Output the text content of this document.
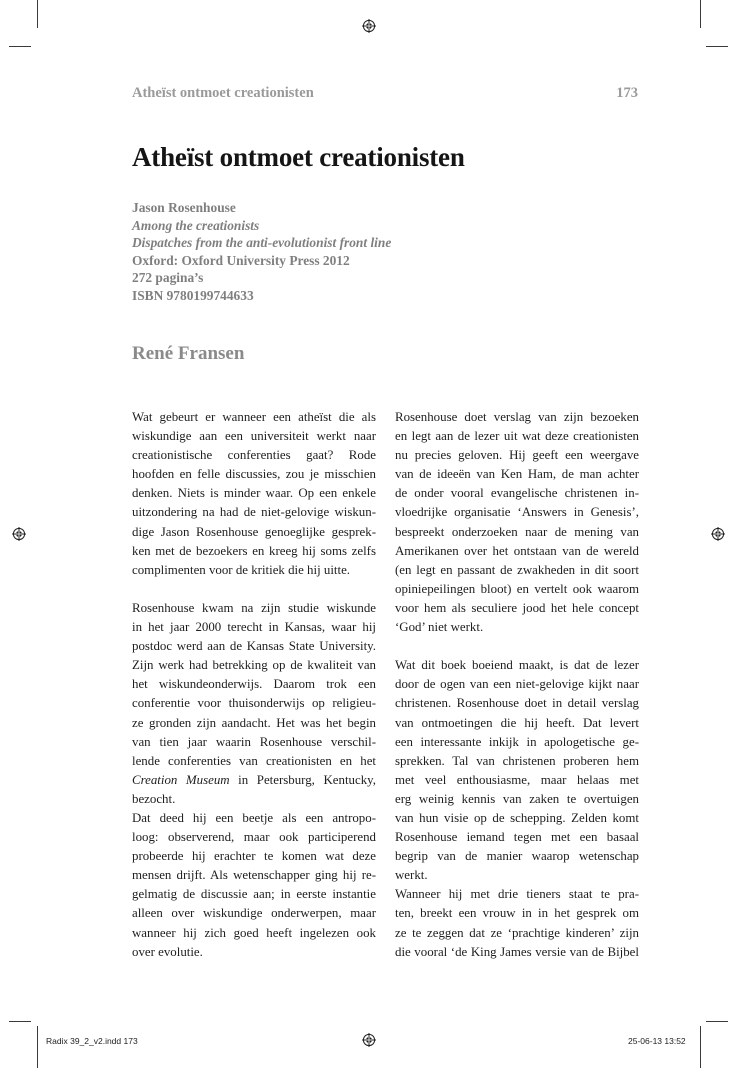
Atheïst ontmoet creationisten	173
Atheïst ontmoet creationisten
Jason Rosenhouse
Among the creationists
Dispatches from the anti-evolutionist front line
Oxford: Oxford University Press 2012
272 pagina’s
ISBN 9780199744633
René Fransen
Wat gebeurt er wanneer een atheïst die als
wiskundige aan een universiteit werkt naar
creationistische conferenties gaat? Rode
hoofden en felle discussies, zou je misschien
denken. Niets is minder waar. Op een enkele
uitzondering na had de niet-gelovige wiskun-
dige Jason Rosenhouse genoeglijke gesprek-
ken met de bezoekers en kreeg hij soms zelfs
complimenten voor de kritiek die hij uitte.
Rosenhouse kwam na zijn studie wiskunde
in het jaar 2000 terecht in Kansas, waar hij
postdoc werd aan de Kansas State University.
Zijn werk had betrekking op de kwaliteit van
het wiskundeonderwijs. Daarom trok een
conferentie voor thuisonderwijs op religieu-
ze gronden zijn aandacht. Het was het begin
van tien jaar waarin Rosenhouse verschil-
lende conferenties van creationisten en het
Creation Museum in Petersburg, Kentucky,
bezocht.
Dat deed hij een beetje als een antropo-
loog: observerend, maar ook participerend
probeerde hij erachter te komen wat deze
mensen drijft. Als wetenschapper ging hij re-
gelmatig de discussie aan; in eerste instantie
alleen over wiskundige onderwerpen, maar
wanneer hij zich goed heeft ingelezen ook
over evolutie.
Rosenhouse doet verslag van zijn bezoeken
en legt aan de lezer uit wat deze creationisten
nu precies geloven. Hij geeft een weergave
van de ideeën van Ken Ham, de man achter
de onder vooral evangelische christenen in-
vloedrijke organisatie ‘Answers in Genesis’,
bespreekt onderzoeken naar de mening van
Amerikanen over het ontstaan van de wereld
(en legt en passant de zwakheden in dit soort
opiniepeilingen bloot) en vertelt ook waarom
voor hem als seculiere jood het hele concept
‘God’ niet werkt.
Wat dit boek boeiend maakt, is dat de lezer
door de ogen van een niet-gelovige kijkt naar
christenen. Rosenhouse doet in detail verslag
van ontmoetingen die hij heeft. Dat levert
een interessante inkijk in apologetische ge-
sprekken. Tal van christenen proberen hem
met veel enthousiasme, maar helaas met
erg weinig kennis van zaken te overtuigen
van hun visie op de schepping. Zelden komt
Rosenhouse iemand tegen met een basaal
begrip van de manier waarop wetenschap
werkt.
Wanneer hij met drie tieners staat te pra-
ten, breekt een vrouw in in het gesprek om
ze te zeggen dat ze ‘prachtige kinderen’ zijn
die vooral ‘de King James versie van de Bijbel
Radix 39_2_v2.indd 173	25-06-13 13:52
